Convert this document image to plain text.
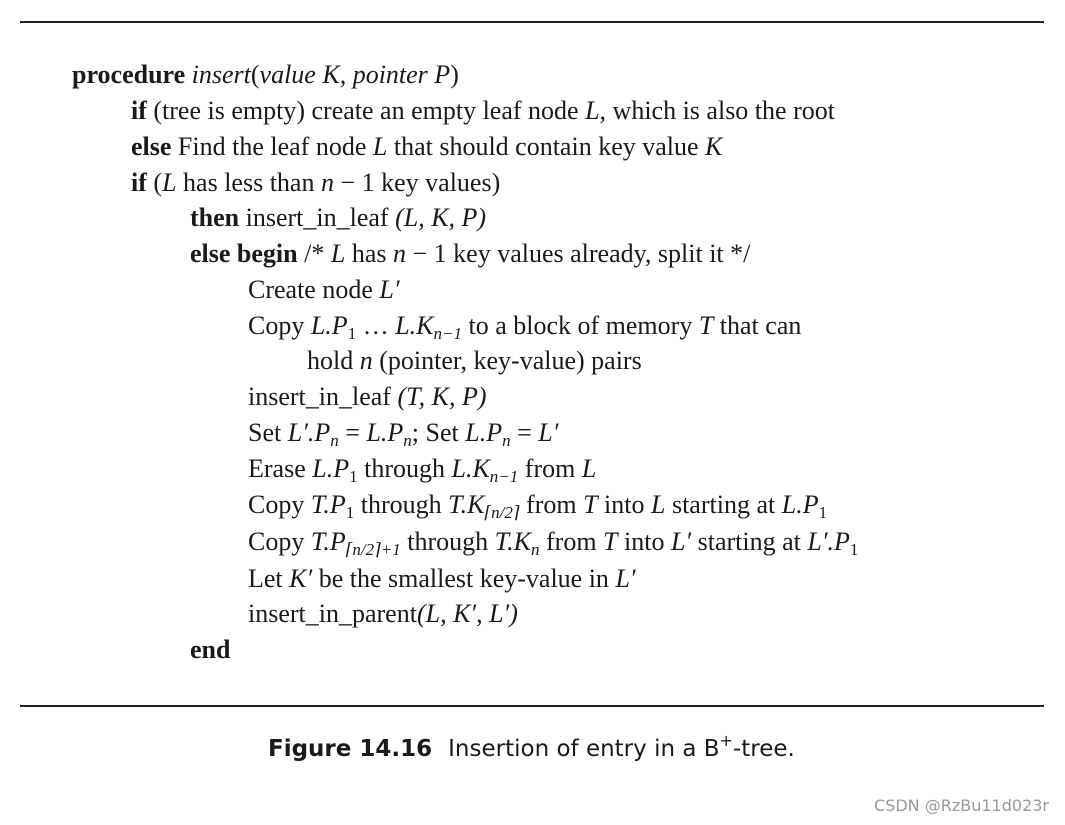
procedure insert(value K, pointer P)
if (tree is empty) create an empty leaf node L, which is also the root
else Find the leaf node L that should contain key value K
if (L has less than n − 1 key values)
then insert_in_leaf (L, K, P)
else begin /* L has n − 1 key values already, split it */
Create node L′
Copy $L.P_1$ … $L.K_{n-1}$ to a block of memory T that can
hold n (pointer, key-value) pairs
insert_in_leaf (T, K, P)
Set $L'.P_n = L.P_n$; Set $L.P_n = L'$
Erase $L.P_1$ through $L.K_{n-1}$ from L
Copy $T.P_1$ through $T.K_{⌈n/2⌉}$ from T into L starting at $L.P_1$
Copy $T.P_{⌈n/2⌉+1}$ through $T.K_n$ from T into L′ starting at $L'.P_1$
Let K′ be the smallest key-value in L′
insert_in_parent(L, K′, L′)
end
Figure 14.16 Insertion of entry in a B+-tree.
CSDN @RzBu11d023r
